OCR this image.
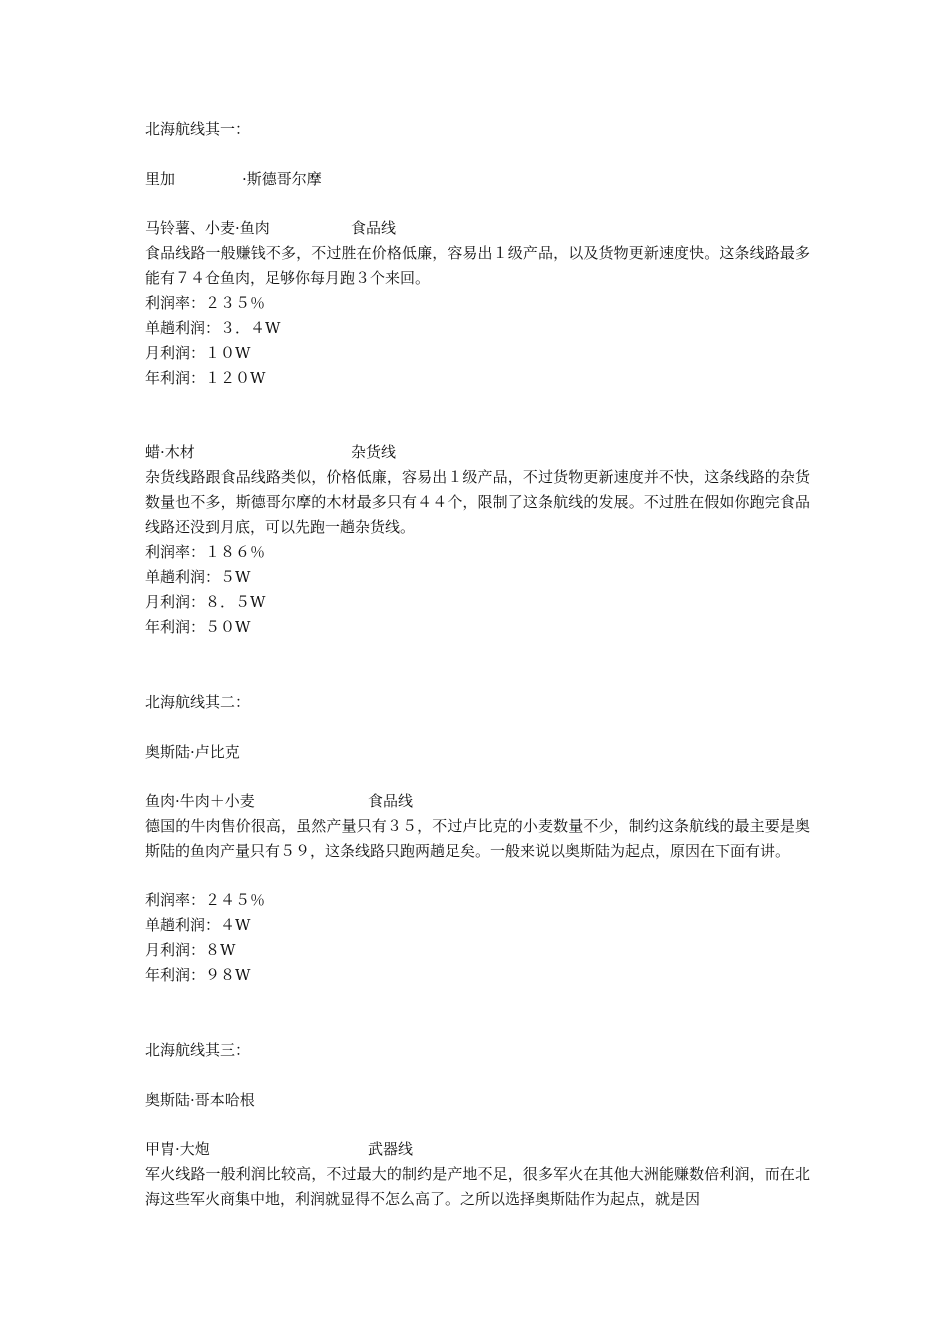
北海航线其一：
里加	·斯德哥尔摩
马铃薯、小麦·鱼肉	食品线
食品线路一般赚钱不多，不过胜在价格低廉，容易出１级产品，以及货物更新速度快。这条线路最多能有７４仓鱼肉，足够你每月跑３个来回。
利润率：２３５％
单趟利润：３．４W
月利润：１０W
年利润：１２０W
蜡·木材	杂货线
杂货线路跟食品线路类似，价格低廉，容易出１级产品，不过货物更新速度并不快，这条线路的杂货数量也不多，斯德哥尔摩的木材最多只有４４个，限制了这条航线的发展。不过胜在假如你跑完食品线路还没到月底，可以先跑一趟杂货线。
利润率：１８６％
单趟利润：５W
月利润：８．５W
年利润：５０W
北海航线其二：
奥斯陆·卢比克
鱼肉·牛肉＋小麦	食品线
德国的牛肉售价很高，虽然产量只有３５，不过卢比克的小麦数量不少，制约这条航线的最主要是奥斯陆的鱼肉产量只有５９，这条线路只跑两趟足矣。一般来说以奥斯陆为起点，原因在下面有讲。
利润率：２４５％
单趟利润：４W
月利润：８W
年利润：９８W
北海航线其三：
奥斯陆·哥本哈根
甲胄·大炮	武器线
军火线路一般利润比较高，不过最大的制约是产地不足，很多军火在其他大洲能赚数倍利润，而在北海这些军火商集中地，利润就显得不怎么高了。之所以选择奥斯陆作为起点，就是因
